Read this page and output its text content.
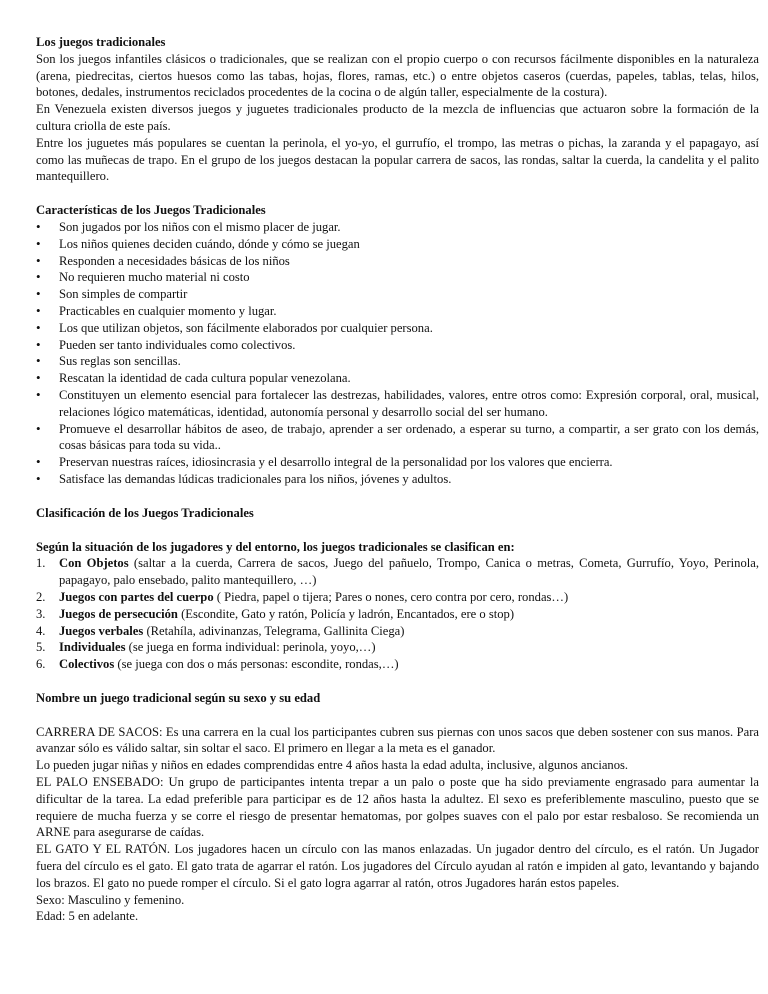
Los juegos tradicionales

Son los juegos infantiles clásicos o tradicionales, que se realizan con el propio cuerpo o con recursos fácilmente disponibles en la naturaleza (arena, piedrecitas, ciertos huesos como las tabas, hojas, flores, ramas, etc.) o entre objetos caseros (cuerdas, papeles, tablas, telas, hilos, botones, dedales, instrumentos reciclados procedentes de la cocina o de algún taller, especialmente de la costura).

En Venezuela existen diversos juegos y juguetes tradicionales producto de la mezcla de influencias que actuaron sobre la formación de la cultura criolla de este país.

Entre los juguetes más populares se cuentan la perinola, el yo-yo, el gurrufío, el trompo, las metras o pichas, la zaranda y el papagayo, así como las muñecas de trapo. En el grupo de los juegos destacan la popular carrera de sacos, las rondas, saltar la cuerda, la candelita y el palito mantequillero.

Características de los Juegos Tradicionales

• Son jugados por los niños con el mismo placer de jugar.
• Los niños quienes deciden cuándo, dónde y cómo se juegan
• Responden a necesidades básicas de los niños
• No requieren mucho material ni costo
• Son simples de compartir
• Practicables en cualquier momento y lugar.
• Los que utilizan objetos, son fácilmente elaborados por cualquier persona.
• Pueden ser tanto individuales como colectivos.
• Sus reglas son sencillas.
• Rescatan la identidad de cada cultura popular venezolana.
• Constituyen un elemento esencial para fortalecer las destrezas, habilidades, valores, entre otros como: Expresión corporal, oral, musical, relaciones lógico matemáticas, identidad, autonomía personal y desarrollo social del ser humano.
• Promueve el desarrollar hábitos de aseo, de trabajo, aprender a ser ordenado, a esperar su turno, a compartir, a ser grato con los demás, cosas básicas para toda su vida..
• Preservan nuestras raíces, idiosincrasia y el desarrollo integral de la personalidad por los valores que encierra.
• Satisface las demandas lúdicas tradicionales para los niños, jóvenes y adultos.

Clasificación de los Juegos Tradicionales

Según la situación de los jugadores y del entorno, los juegos tradicionales se clasifican en:

1. Con Objetos (saltar a la cuerda, Carrera de sacos, Juego del pañuelo, Trompo, Canica o metras, Cometa, Gurrufío, Yoyo, Perinola, papagayo, palo ensebado, palito mantequillero, …)
2. Juegos con partes del cuerpo ( Piedra, papel o tijera; Pares o nones, cero contra por cero, rondas…)
3. Juegos de persecución (Escondite, Gato y ratón, Policía y ladrón, Encantados, ere o stop)
4. Juegos verbales (Retahíla, adivinanzas, Telegrama, Gallinita Ciega)
5. Individuales (se juega en forma individual: perinola, yoyo,…)
6. Colectivos (se juega con dos o más personas: escondite, rondas,…)

Nombre un juego tradicional según su sexo y su edad

CARRERA DE SACOS: Es una carrera en la cual los participantes cubren sus piernas con unos sacos que deben sostener con sus manos. Para avanzar sólo es válido saltar, sin soltar el saco. El primero en llegar a la meta es el ganador.

Lo pueden jugar niñas y niños en edades comprendidas entre 4 años hasta la edad adulta, inclusive, algunos ancianos.

EL PALO ENSEBADO: Un grupo de participantes intenta trepar a un palo o poste que ha sido previamente engrasado para aumentar la dificultar de la tarea. La edad preferible para participar es de 12 años hasta la adultez. El sexo es preferiblemente masculino, puesto que se requiere de mucha fuerza y se corre el riesgo de presentar hematomas, por golpes suaves con el palo por estar resbaloso. Se recomienda un ARNE para asegurarse de caídas.

EL GATO Y EL RATÓN. Los jugadores hacen un círculo con las manos enlazadas. Un jugador dentro del círculo, es el ratón. Un Jugador fuera del círculo es el gato. El gato trata de agarrar el ratón. Los jugadores del Círculo ayudan al ratón e impiden al gato, levantando y bajando los brazos. El gato no puede romper el círculo. Si el gato logra agarrar al ratón, otros Jugadores harán estos papeles.

Sexo: Masculino y femenino.

Edad: 5 en adelante.
